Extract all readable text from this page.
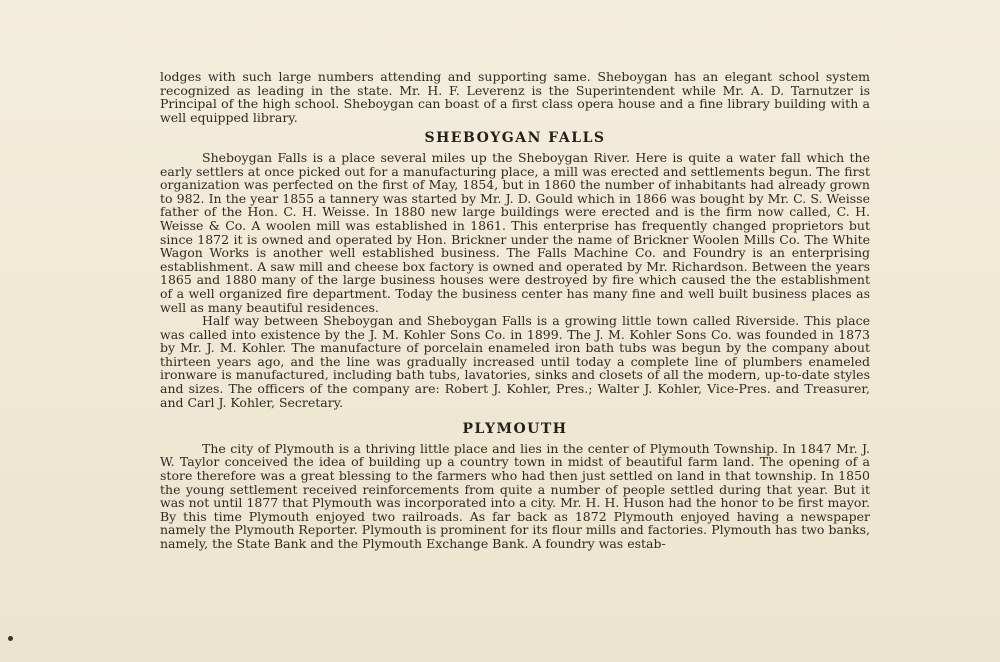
lodges with such large numbers attending and supporting same. Sheboygan has an elegant school system recognized as leading in the state. Mr. H. F. Leverenz is the Superintendent while Mr. A. D. Tarnutzer is Principal of the high school. Sheboygan can boast of a first class opera house and a fine library building with a well equipped library.

SHEBOYGAN FALLS

Sheboygan Falls is a place several miles up the Sheboygan River. Here is quite a water fall which the early settlers at once picked out for a manufacturing place, a mill was erected and settlements begun. The first organization was perfected on the first of May, 1854, but in 1860 the number of inhabitants had already grown to 982. In the year 1855 a tannery was started by Mr. J. D. Gould which in 1866 was bought by Mr. C. S. Weisse father of the Hon. C. H. Weisse. In 1880 new large buildings were erected and is the firm now called, C. H. Weisse & Co. A woolen mill was established in 1861. This enterprise has frequently changed proprietors but since 1872 it is owned and operated by Hon. Brickner under the name of Brickner Woolen Mills Co. The White Wagon Works is another well established business. The Falls Machine Co. and Foundry is an enterprising establishment. A saw mill and cheese box factory is owned and operated by Mr. Richardson. Between the years 1865 and 1880 many of the large business houses were destroyed by fire which caused the the establishment of a well organized fire department. Today the business center has many fine and well built business places as well as many beautiful residences.

Half way between Sheboygan and Sheboygan Falls is a growing little town called Riverside. This place was called into existence by the J. M. Kohler Sons Co. in 1899. The J. M. Kohler Sons Co. was founded in 1873 by Mr. J. M. Kohler. The manufacture of porcelain enameled iron bath tubs was begun by the company about thirteen years ago, and the line was gradually increased until today a complete line of plumbers enameled ironware is manufactured, including bath tubs, lavatories, sinks and closets of all the modern, up-to-date styles and sizes. The officers of the company are: Robert J. Kohler, Pres.; Walter J. Kohler, Vice-Pres. and Treasurer, and Carl J. Kohler, Secretary.

PLYMOUTH

The city of Plymouth is a thriving little place and lies in the center of Plymouth Township. In 1847 Mr. J. W. Taylor conceived the idea of building up a country town in midst of beautiful farm land. The opening of a store therefore was a great blessing to the farmers who had then just settled on land in that township. In 1850 the young settlement received reinforcements from quite a number of people settled during that year. But it was not until 1877 that Plymouth was incorporated into a city. Mr. H. H. Huson had the honor to be first mayor. By this time Plymouth enjoyed two railroads. As far back as 1872 Plymouth enjoyed having a newspaper namely the Plymouth Reporter. Plymouth is prominent for its flour mills and factories. Plymouth has two banks, namely, the State Bank and the Plymouth Exchange Bank. A foundry was estab-
